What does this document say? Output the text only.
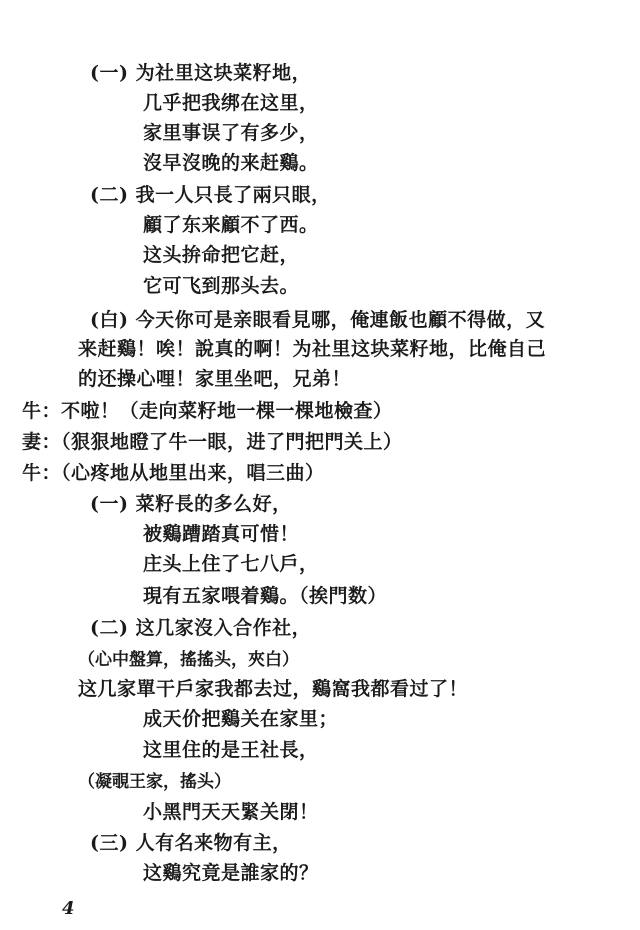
(一) 为社里这块菜籽地，
几乎把我绑在这里，
家里事误了有多少，
沒早沒晚的来赶鷄。
(二) 我一人只長了兩只眼，
顧了东来顧不了西。
这头拚命把它赶，
它可飞到那头去。
(白) 今天你可是亲眼看見哪，俺連飯也顧不得做，又
来赶鷄！唉！說真的啊！为社里这块菜籽地，比俺自己
的还操心哩！家里坐吧，兄弟！
牛：不啦！（走向菜籽地一棵一棵地檢查）
妻：（狠狠地瞪了牛一眼，进了門把門关上）
牛：（心疼地从地里出来，唱三曲）
(一) 菜籽長的多么好，
被鷄蹧踏真可惜！
庄头上住了七八戶，
現有五家喂着鷄。（挨門数）
(二) 这几家沒入合作社，
（心中盤算，搖搖头，夾白）
这几家單干戶家我都去过，鷄窩我都看过了！
成天价把鷄关在家里；
这里住的是王社長，
（凝覗王家，搖头）
小黑門天天緊关閉！
(三) 人有名来物有主，
这鷄究竟是誰家的？
4
